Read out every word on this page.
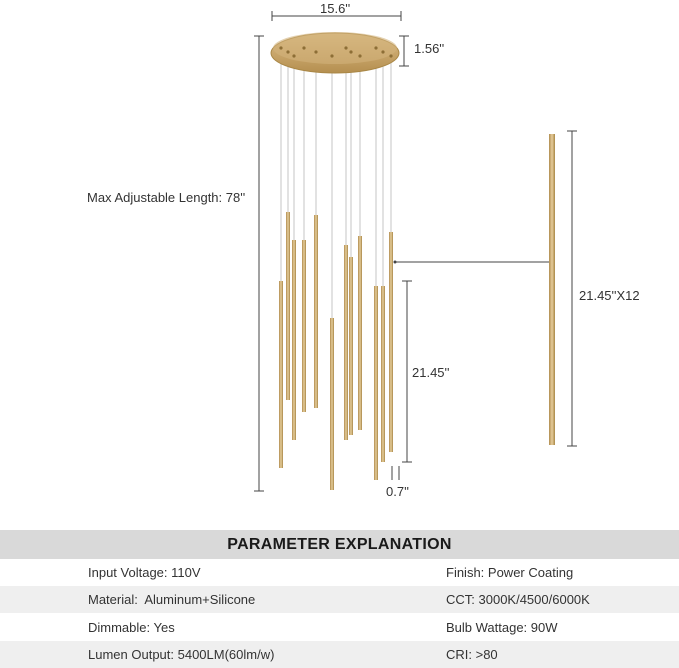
15.6''
1.56''
Max Adjustable Length: 78''
21.45''
0.7''
21.45''X12
PARAMETER EXPLANATION
Input Voltage: 110V	Finish: Power Coating
Material:  Aluminum+Silicone	CCT: 3000K/4500/6000K
Dimmable: Yes	Bulb Wattage: 90W
Lumen Output: 5400LM(60lm/w)	CRI: >80
